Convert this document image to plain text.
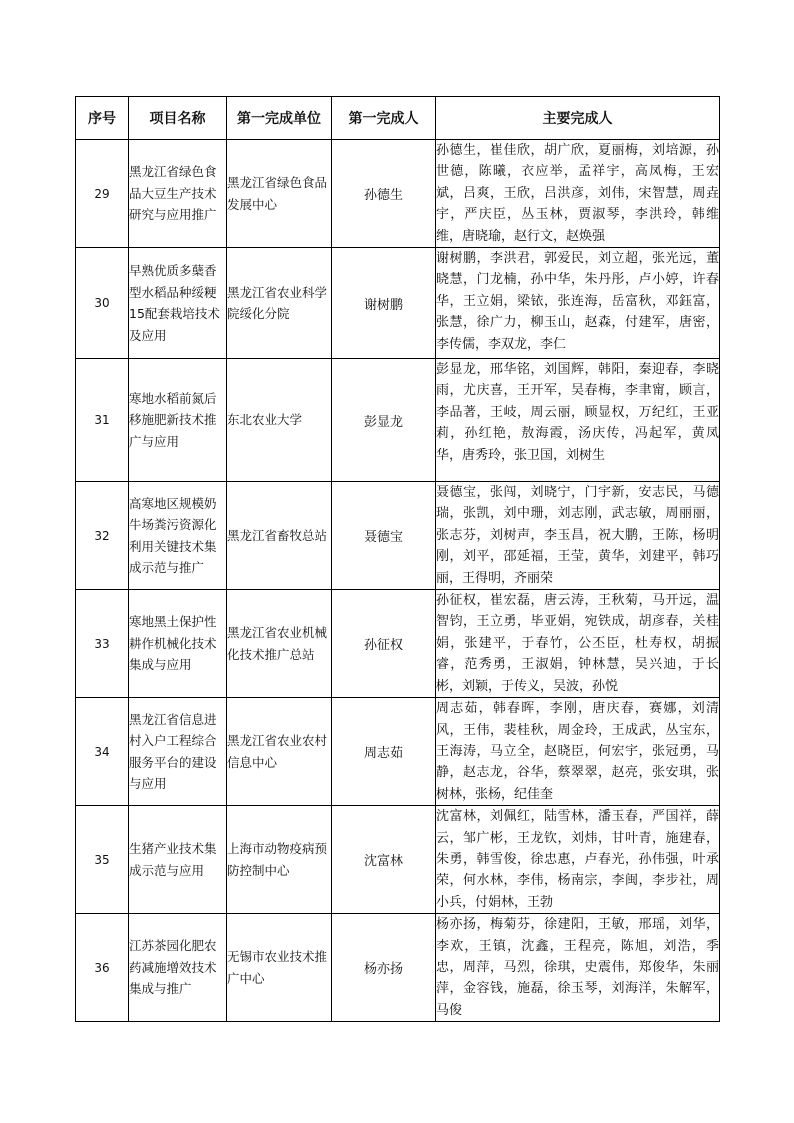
序号	项目名称	第一完成单位	第一完成人	主要完成人
29	黑龙江省绿色食品大豆生产技术研究与应用推广	黑龙江省绿色食品发展中心	孙德生	孙德生，崔佳欣，胡广欣，夏丽梅，刘培源，孙世德，陈曦，衣应举，孟祥宇，高凤梅，王宏斌，吕爽，王欣，吕洪彦，刘伟，宋智慧，周垚宇，严庆臣，丛玉林，贾淑琴，李洪玲，韩维维，唐晓瑜，赵行文，赵焕强
30	早熟优质多蘖香型水稻品种绥粳15配套栽培技术及应用	黑龙江省农业科学院绥化分院	谢树鹏	谢树鹏，李洪君，郭爱民，刘立超，张光远，董晓慧，门龙楠，孙中华，朱丹彤，卢小婷，许春华，王立娟，梁铱，张连海，岳富秋，邓鈺富，张慧，徐广力，柳玉山，赵森，付建军，唐密，李传儒，李双龙，李仁
31	寒地水稻前氮后移施肥新技术推广与应用	东北农业大学	彭显龙	彭显龙，邢华铭，刘国辉，韩阳，秦迎春，李晓雨，尤庆喜，王开军，吴春梅，李聿甯，顾言，李品著，王岐，周云丽，顾显权，万纪红，王亚莉，孙红艳，敖海霞，汤庆传，冯起军，黄凤华，唐秀玲，张卫国，刘树生
32	高寒地区规模奶牛场粪污资源化利用关键技术集成示范与推广	黑龙江省畜牧总站	聂德宝	聂德宝，张闯，刘晓宁，门宇新，安志民，马德瑞，张凯，刘中珊，刘志刚，武志敏，周丽丽，张志芬，刘树声，李玉昌，祝大鹏，王陈，杨明刚，刘平，邵延福，王莹，黄华，刘建平，韩巧丽，王得明，齐丽荣
33	寒地黑土保护性耕作机械化技术集成与应用	黑龙江省农业机械化技术推广总站	孙征权	孙征权，崔宏磊，唐云涛，王秋菊，马开远，温智钧，王立勇，毕亚娟，宛铁成，胡彦春，关桂娟，张建平，于春竹，公丕臣，杜寿权，胡振睿，范秀勇，王淑娟，钟林慧，吴兴迪，于长彬，刘颖，于传义，吴波，孙悦
34	黑龙江省信息进村入户工程综合服务平台的建设与应用	黑龙江省农业农村信息中心	周志茹	周志茹，韩春晖，李刚，唐庆春，赛娜，刘清风，王伟，裴桂秋，周金玲，王成武，丛宝东，王海涛，马立全，赵晓臣，何宏宇，张冠勇，马静，赵志龙，谷华，蔡翠翠，赵亮，张安琪，张树林，张杨，纪佳奎
35	生猪产业技术集成示范与应用	上海市动物疫病预防控制中心	沈富林	沈富林，刘佩红，陆雪林，潘玉春，严国祥，薛云，邹广彬，王龙钦，刘炜，甘叶青，施建春，朱勇，韩雪俊，徐忠惠，卢春光，孙伟强，叶承荣，何水林，李伟，杨南宗，李闽，李步社，周小兵，付娟林，王勃
36	江苏茶园化肥农药减施增效技术集成与推广	无锡市农业技术推广中心	杨亦扬	杨亦扬，梅菊芬，徐建阳，王敏，邢瑶，刘华，李欢，王镇，沈鑫，王程亮，陈旭，刘浩，季忠，周萍，马烈，徐琪，史震伟，郑俊华，朱丽萍，金容钱，施磊，徐玉琴，刘海洋，朱解军，马俊
